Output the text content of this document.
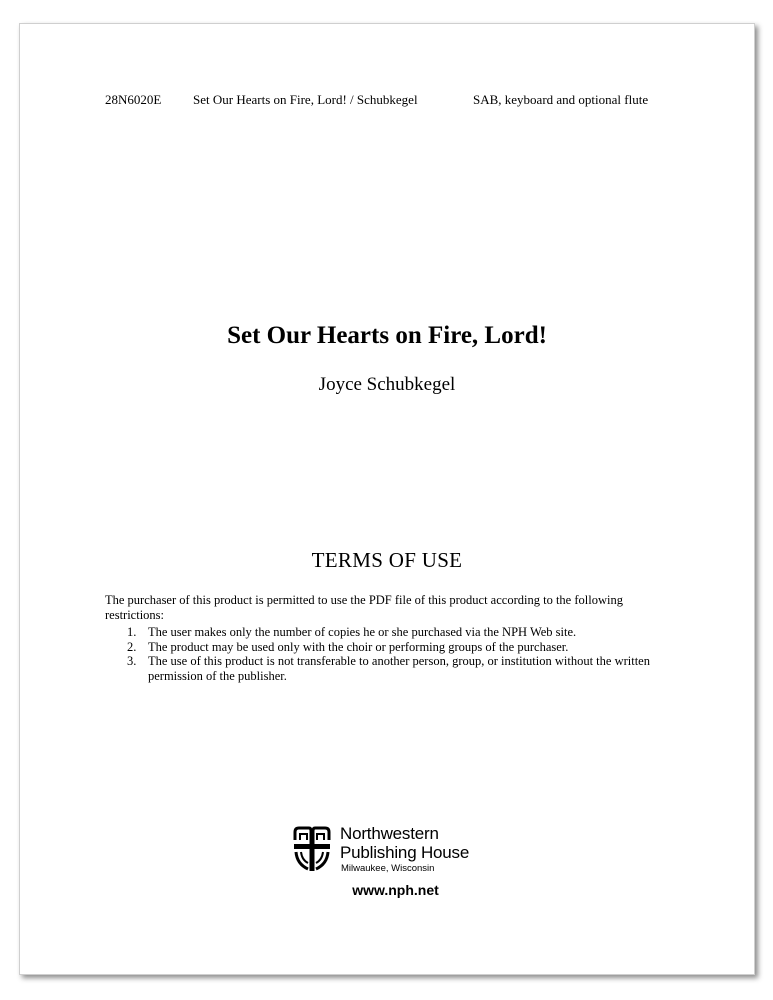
28N6020E Set Our Hearts on Fire, Lord! / Schubkegel	SAB, keyboard and optional flute
Set Our Hearts on Fire, Lord!
Joyce Schubkegel
TERMS OF USE
The purchaser of this product is permitted to use the PDF file of this product according to the following restrictions:
1. The user makes only the number of copies he or she purchased via the NPH Web site.
2. The product may be used only with the choir or performing groups of the purchaser.
3. The use of this product is not transferable to another person, group, or institution without the written permission of the publisher.
Northwestern
Publishing House
Milwaukee, Wisconsin
www.nph.net
